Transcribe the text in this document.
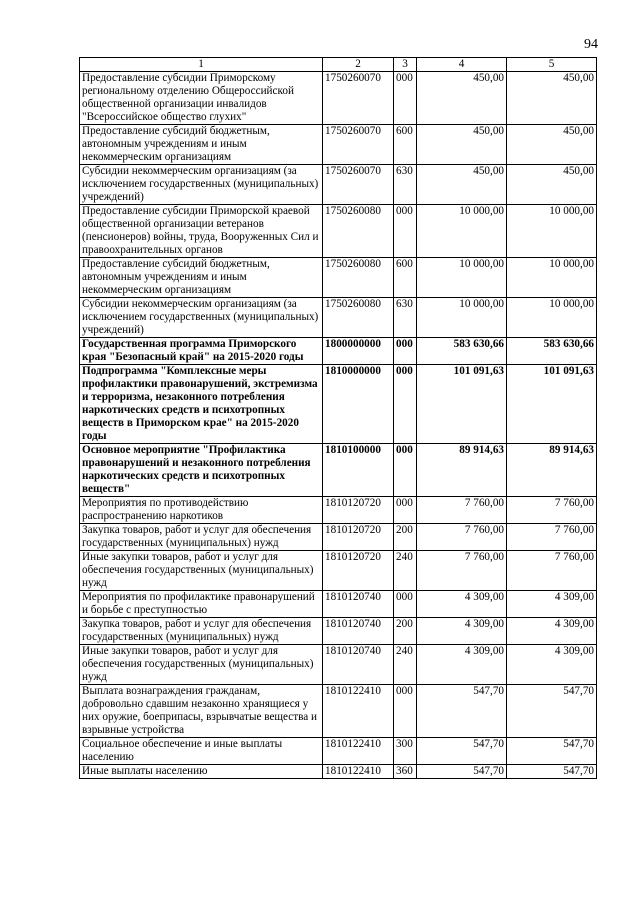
94
1	2	3	4	5
Предоставление субсидии Приморскому региональному отделению Общероссийской общественной организации инвалидов "Всероссийское общество глухих"	1750260070	000	450,00	450,00
Предоставление субсидий бюджетным, автономным учреждениям и иным некоммерческим организациям	1750260070	600	450,00	450,00
Субсидии некоммерческим организациям (за исключением государственных (муниципальных) учреждений)	1750260070	630	450,00	450,00
Предоставление субсидии Приморской краевой общественной организации ветеранов (пенсионеров) войны, труда, Вооруженных Сил и правоохранительных органов	1750260080	000	10 000,00	10 000,00
Предоставление субсидий бюджетным, автономным учреждениям и иным некоммерческим организациям	1750260080	600	10 000,00	10 000,00
Субсидии некоммерческим организациям (за исключением государственных (муниципальных) учреждений)	1750260080	630	10 000,00	10 000,00
Государственная программа Приморского края "Безопасный край" на 2015-2020 годы	1800000000	000	583 630,66	583 630,66
Подпрограмма "Комплексные меры профилактики правонарушений, экстремизма и терроризма, незаконного потребления наркотических средств и психотропных веществ в Приморском крае" на 2015-2020 годы	1810000000	000	101 091,63	101 091,63
Основное мероприятие "Профилактика правонарушений и незаконного потребления наркотических средств и психотропных веществ"	1810100000	000	89 914,63	89 914,63
Мероприятия по противодействию распространению наркотиков	1810120720	000	7 760,00	7 760,00
Закупка товаров, работ и услуг для обеспечения государственных (муниципальных) нужд	1810120720	200	7 760,00	7 760,00
Иные закупки товаров, работ и услуг для обеспечения государственных (муниципальных) нужд	1810120720	240	7 760,00	7 760,00
Мероприятия по профилактике правонарушений и борьбе с преступностью	1810120740	000	4 309,00	4 309,00
Закупка товаров, работ и услуг для обеспечения государственных (муниципальных) нужд	1810120740	200	4 309,00	4 309,00
Иные закупки товаров, работ и услуг для обеспечения государственных (муниципальных) нужд	1810120740	240	4 309,00	4 309,00
Выплата вознаграждения гражданам, добровольно сдавшим незаконно хранящиеся у них оружие, боеприпасы, взрывчатые вещества и взрывные устройства	1810122410	000	547,70	547,70
Социальное обеспечение и иные выплаты населению	1810122410	300	547,70	547,70
Иные выплаты населению	1810122410	360	547,70	547,70
